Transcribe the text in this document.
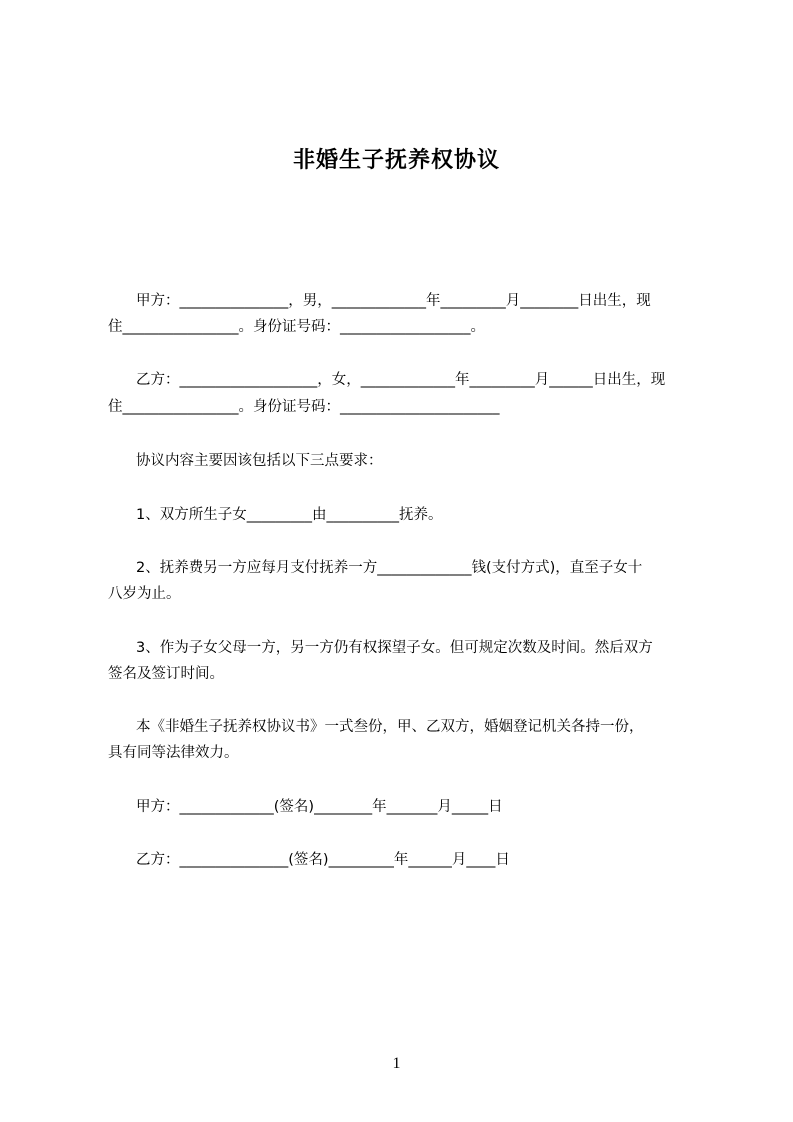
非婚生子抚养权协议
甲方：_______________，男，_____________年_________月________日出生，现
住________________。身份证号码：__________________。
乙方：___________________，女，_____________年_________月______日出生，现
住________________。身份证号码：______________________
协议内容主要因该包括以下三点要求：
1、双方所生子女_________由__________抚养。
2、抚养费另一方应每月支付抚养一方_____________钱(支付方式)，直至子女十
八岁为止。
3、作为子女父母一方，另一方仍有权探望子女。但可规定次数及时间。然后双方
签名及签订时间。
本《非婚生子抚养权协议书》一式叁份，甲、乙双方，婚姻登记机关各持一份，
具有同等法律效力。
甲方：_____________(签名)________年_______月_____日
乙方：_______________(签名)_________年______月____日
1
